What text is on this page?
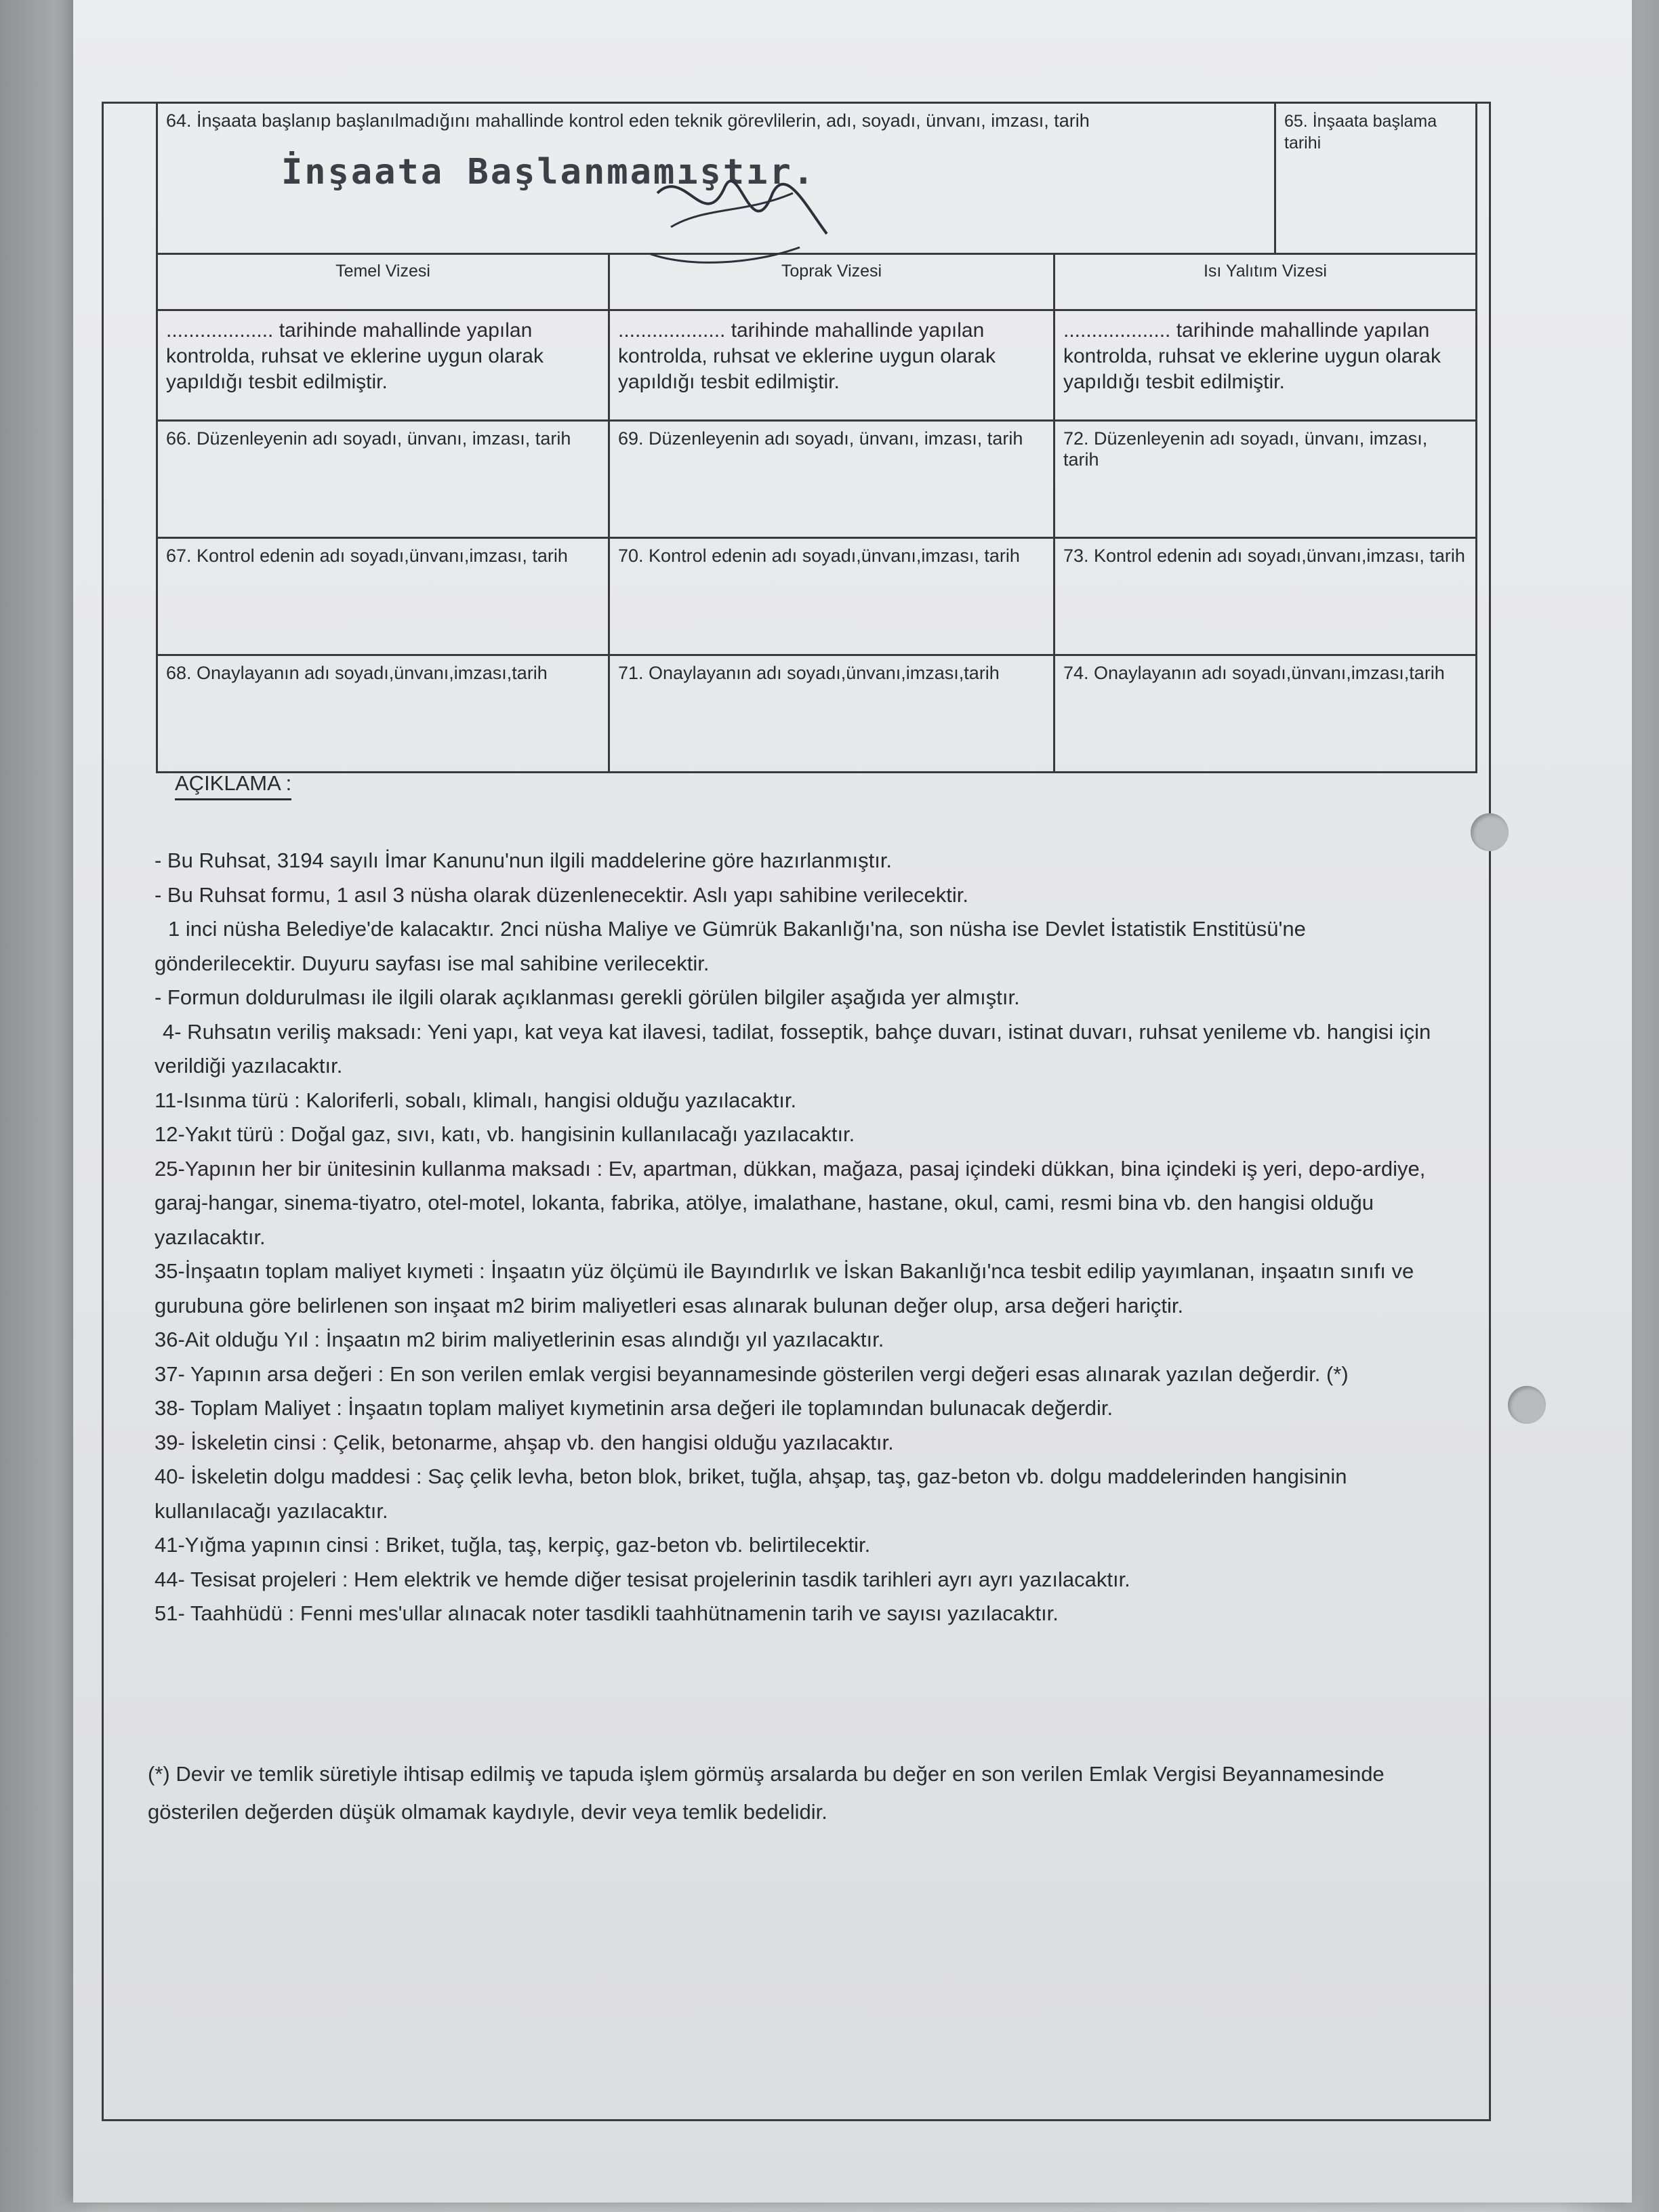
64. İnşaata başlanıp başlanılmadığını mahallinde kontrol eden teknik görevlilerin, adı, soyadı, ünvanı, imzası, tarih
İnşaata Başlanmamıştır.			65. İnşaata başlama tarihi
Temel Vizesi	Toprak Vizesi	Isı Yalıtım Vizesi	
................... tarihinde mahallinde yapılan kontrolda, ruhsat ve eklerine uygun olarak yapıldığı tesbit edilmiştir.	................... tarihinde mahallinde yapılan kontrolda, ruhsat ve eklerine uygun olarak yapıldığı tesbit edilmiştir.	................... tarihinde mahallinde yapılan kontrolda, ruhsat ve eklerine uygun olarak yapıldığı tesbit edilmiştir.	
66. Düzenleyenin adı soyadı, ünvanı, imzası, tarih	69. Düzenleyenin adı soyadı, ünvanı, imzası, tarih	72. Düzenleyenin adı soyadı, ünvanı, imzası, tarih	
67. Kontrol edenin adı soyadı,ünvanı,imzası, tarih	70. Kontrol edenin adı soyadı,ünvanı,imzası, tarih	73. Kontrol edenin adı soyadı,ünvanı,imzası, tarih	
68. Onaylayanın adı soyadı,ünvanı,imzası,tarih	71. Onaylayanın adı soyadı,ünvanı,imzası,tarih	74. Onaylayanın adı soyadı,ünvanı,imzası,tarih	
AÇIKLAMA :
- Bu Ruhsat, 3194 sayılı İmar Kanunu'nun ilgili maddelerine göre hazırlanmıştır.
- Bu Ruhsat formu, 1 asıl 3 nüsha olarak düzenlenecektir. Aslı yapı sahibine verilecektir.
1 inci nüsha Belediye'de kalacaktır. 2nci nüsha Maliye ve Gümrük Bakanlığı'na, son nüsha ise Devlet İstatistik Enstitüsü'ne gönderilecektir. Duyuru sayfası ise mal sahibine verilecektir.
- Formun doldurulması ile ilgili olarak açıklanması gerekli görülen bilgiler aşağıda yer almıştır.
4- Ruhsatın veriliş maksadı: Yeni yapı, kat veya kat ilavesi, tadilat, fosseptik, bahçe duvarı, istinat duvarı, ruhsat yenileme vb. hangisi için verildiği yazılacaktır.
11-Isınma türü : Kaloriferli, sobalı, klimalı, hangisi olduğu yazılacaktır.
12-Yakıt türü : Doğal gaz, sıvı, katı, vb. hangisinin kullanılacağı yazılacaktır.
25-Yapının her bir ünitesinin kullanma maksadı : Ev, apartman, dükkan, mağaza, pasaj içindeki dükkan, bina içindeki iş yeri, depo-ardiye, garaj-hangar, sinema-tiyatro, otel-motel, lokanta, fabrika, atölye, imalathane, hastane, okul, cami, resmi bina vb. den hangisi olduğu yazılacaktır.
35-İnşaatın toplam maliyet kıymeti : İnşaatın yüz ölçümü ile Bayındırlık ve İskan Bakanlığı'nca tesbit edilip yayımlanan, inşaatın sınıfı ve gurubuna göre belirlenen son inşaat m2 birim maliyetleri esas alınarak bulunan değer olup, arsa değeri hariçtir.
36-Ait olduğu Yıl : İnşaatın m2 birim maliyetlerinin esas alındığı yıl yazılacaktır.
37- Yapının arsa değeri : En son verilen emlak vergisi beyannamesinde gösterilen vergi değeri esas alınarak yazılan değerdir. (*)
38- Toplam Maliyet : İnşaatın toplam maliyet kıymetinin arsa değeri ile toplamından bulunacak değerdir.
39- İskeletin cinsi : Çelik, betonarme, ahşap vb. den hangisi olduğu yazılacaktır.
40- İskeletin dolgu maddesi : Saç çelik levha, beton blok, briket, tuğla, ahşap, taş, gaz-beton vb. dolgu maddelerinden hangisinin kullanılacağı yazılacaktır.
41-Yığma yapının cinsi : Briket, tuğla, taş, kerpiç, gaz-beton vb. belirtilecektir.
44- Tesisat projeleri : Hem elektrik ve hemde diğer tesisat projelerinin tasdik tarihleri ayrı ayrı yazılacaktır.
51- Taahhüdü : Fenni mes'ullar alınacak noter tasdikli taahhütnamenin tarih ve sayısı yazılacaktır.
(*) Devir ve temlik süretiyle ihtisap edilmiş ve tapuda işlem görmüş arsalarda bu değer en son verilen Emlak Vergisi Beyannamesinde gösterilen değerden düşük olmamak kaydıyle, devir veya temlik bedelidir.
